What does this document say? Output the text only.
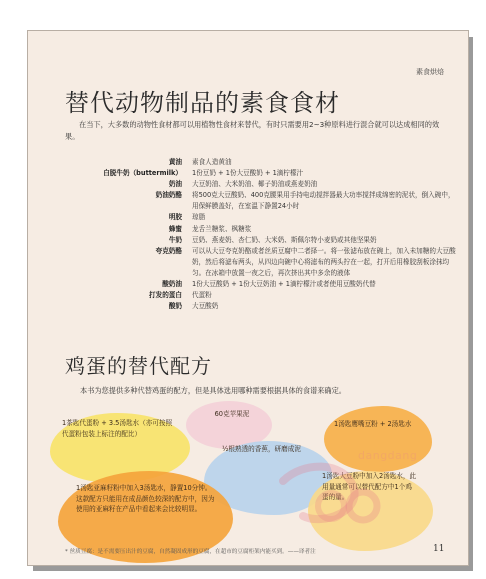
素食烘焙
替代动物制品的素食食材

在当下，大多数的动物性食材都可以用植物性食材来替代，有时只需要用2~3种原料进行混合就可以达成相同的效果。

黄油	素食人造黄油
白脱牛奶（buttermilk）	1份豆奶 + 1份大豆酸奶 + 1滴柠檬汁
奶油	大豆奶油、大米奶油、椰子奶油或燕麦奶油
奶油奶酪	将500克大豆酸奶、400克腰果用手持电动搅拌器最大功率搅拌成绵密的泥状，倒入碗中，用保鲜膜盖好，在室温下静置24小时
明胶	琼脂
蜂蜜	龙舌兰糖浆、枫糖浆
牛奶	豆奶、燕麦奶、杏仁奶、大米奶、斯佩尔特小麦奶或其他坚果奶
夸克奶酪	可以从大豆夸克奶酪或者丝质豆腐中二者择一。将一张滤布放在碗上，加入未加糖的大豆酸奶，然后将滤布两头，从四边向碗中心将滤布的两头拧在一起，打开后用橡胶刮板涂抹均匀。在冰箱中放置一夜之后，再次挤出其中多余的液体
酸奶油	1份大豆酸奶 + 1份大豆奶油 + 1滴柠檬汁或者使用豆酸奶代替
打发的蛋白	代蛋粉
酸奶	大豆酸奶
鸡蛋的替代配方

本书为您提供多种代替鸡蛋的配方，但是具体选用哪种需要根据具体的食谱来确定。

1茶匙代蛋粉 + 3.5汤匙水（亦可按照代蛋粉包装上标注的配比）
60克苹果泥
1汤匙鹰嘴豆粉 + 2汤匙水
½根熟透的香蕉，研磨成泥
1汤匙亚麻籽粉中加入3汤匙水，静置10分钟。这款配方只能用在成品颜色较深的配方中，因为使用的亚麻籽在产品中看起来会比较明显。
1汤匙大豆粉中加入2汤匙水，此用量通常可以替代配方中1个鸡蛋的量。
dangdang
* 丝质豆腐：是不需要压出汁的豆腐，自然凝固成形的豆腐，在超市的豆腐柜架内能买到。——译者注	11
